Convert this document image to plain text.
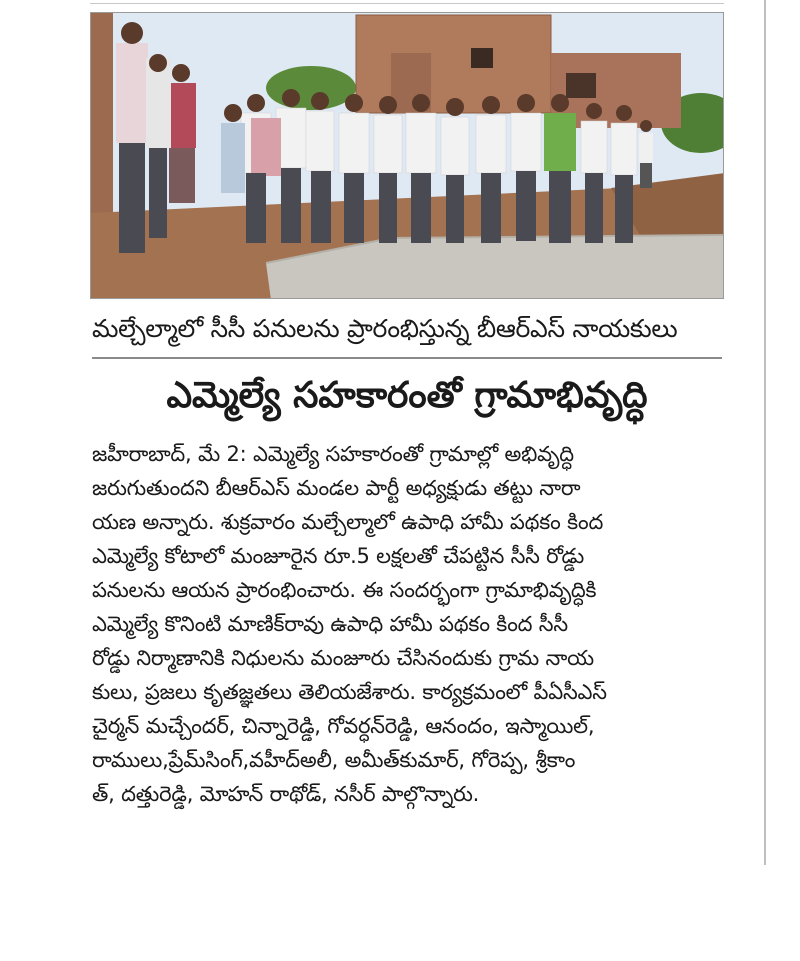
మల్చేల్మాలో సీసీ పనులను ప్రారంభిస్తున్న బీఆర్ఎస్ నాయకులు
ఎమ్మెల్యే సహకారంతో గ్రామాభివృద్ధి
జహీరాబాద్, మే 2: ఎమ్మెల్యే సహకారంతో గ్రామాల్లో అభివృద్ధి
జరుగుతుందని బీఆర్ఎస్ మండల పార్టీ అధ్యక్షుడు తట్టు నారా
యణ అన్నారు. శుక్రవారం మల్చేల్మాలో ఉపాధి హామీ పథకం కింద
ఎమ్మెల్యే కోటాలో మంజూరైన రూ.5 లక్షలతో చేపట్టిన సీసీ రోడ్డు
పనులను ఆయన ప్రారంభించారు. ఈ సందర్భంగా గ్రామాభివృద్ధికి
ఎమ్మెల్యే కొనింటి మాణిక్‌రావు ఉపాధి హామీ పథకం కింద సీసీ
రోడ్డు నిర్మాణానికి నిధులను మంజూరు చేసినందుకు గ్రామ నాయ
కులు, ప్రజలు కృతజ్ఞతలు తెలియజేశారు. కార్యక్రమంలో పీఏసీఎస్
చైర్మన్ మచ్చేందర్, చిన్నారెడ్డి, గోవర్ధన్‌రెడ్డి, ఆనందం, ఇస్మాయిల్,
రాములు,ప్రేమ్‌సింగ్,వహీద్‌అలీ, అమీత్‌కుమార్, గోరెప్ప, శ్రీకాం
త్, దత్తురెడ్డి, మోహన్ రాథోడ్, నసీర్ పాల్గొన్నారు.
